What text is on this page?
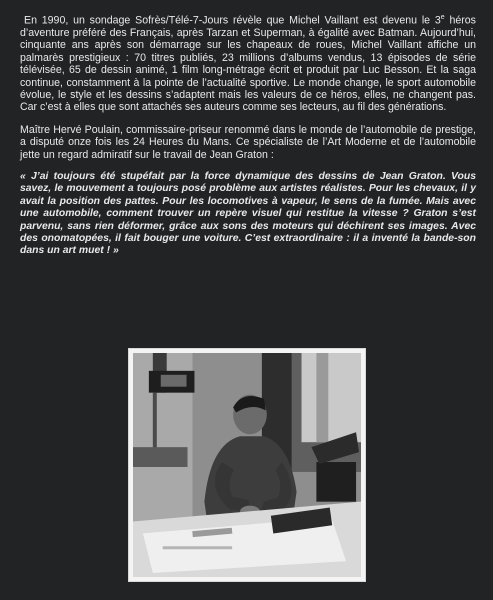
En 1990, un sondage Sofrès/Télé-7-Jours révèle que Michel Vaillant est devenu le 3e héros d’aventure préféré des Français, après Tarzan et Superman, à égalité avec Batman. Aujourd’hui, cinquante ans après son démarrage sur les chapeaux de roues, Michel Vaillant affiche un palmarès prestigieux : 70 titres publiés, 23 millions d’albums vendus, 13 épisodes de série télévisée, 65 de dessin animé, 1 film long-métrage écrit et produit par Luc Besson. Et la saga continue, constamment à la pointe de l’actualité sportive. Le monde change, le sport automobile évolue, le style et les dessins s’adaptent mais les valeurs de ce héros, elles, ne changent pas. Car c’est à elles que sont attachés ses auteurs comme ses lecteurs, au fil des générations.

Maître Hervé Poulain, commissaire-priseur renommé dans le monde de l’automobile de prestige, a disputé onze fois les 24 Heures du Mans. Ce spécialiste de l’Art Moderne et de l’automobile jette un regard admiratif sur le travail de Jean Graton :

« J’ai toujours été stupéfait par la force dynamique des dessins de Jean Graton. Vous savez, le mouvement a toujours posé problème aux artistes réalistes. Pour les chevaux, il y avait la position des pattes. Pour les locomotives à vapeur, le sens de la fumée. Mais avec une automobile, comment trouver un repère visuel qui restitue la vitesse ? Graton s’est parvenu, sans rien déformer, grâce aux sons des moteurs qui déchirent ses images. Avec des onomatopées, il fait bouger une voiture. C’est extraordinaire : il a inventé la bande-son dans un art muet ! »
